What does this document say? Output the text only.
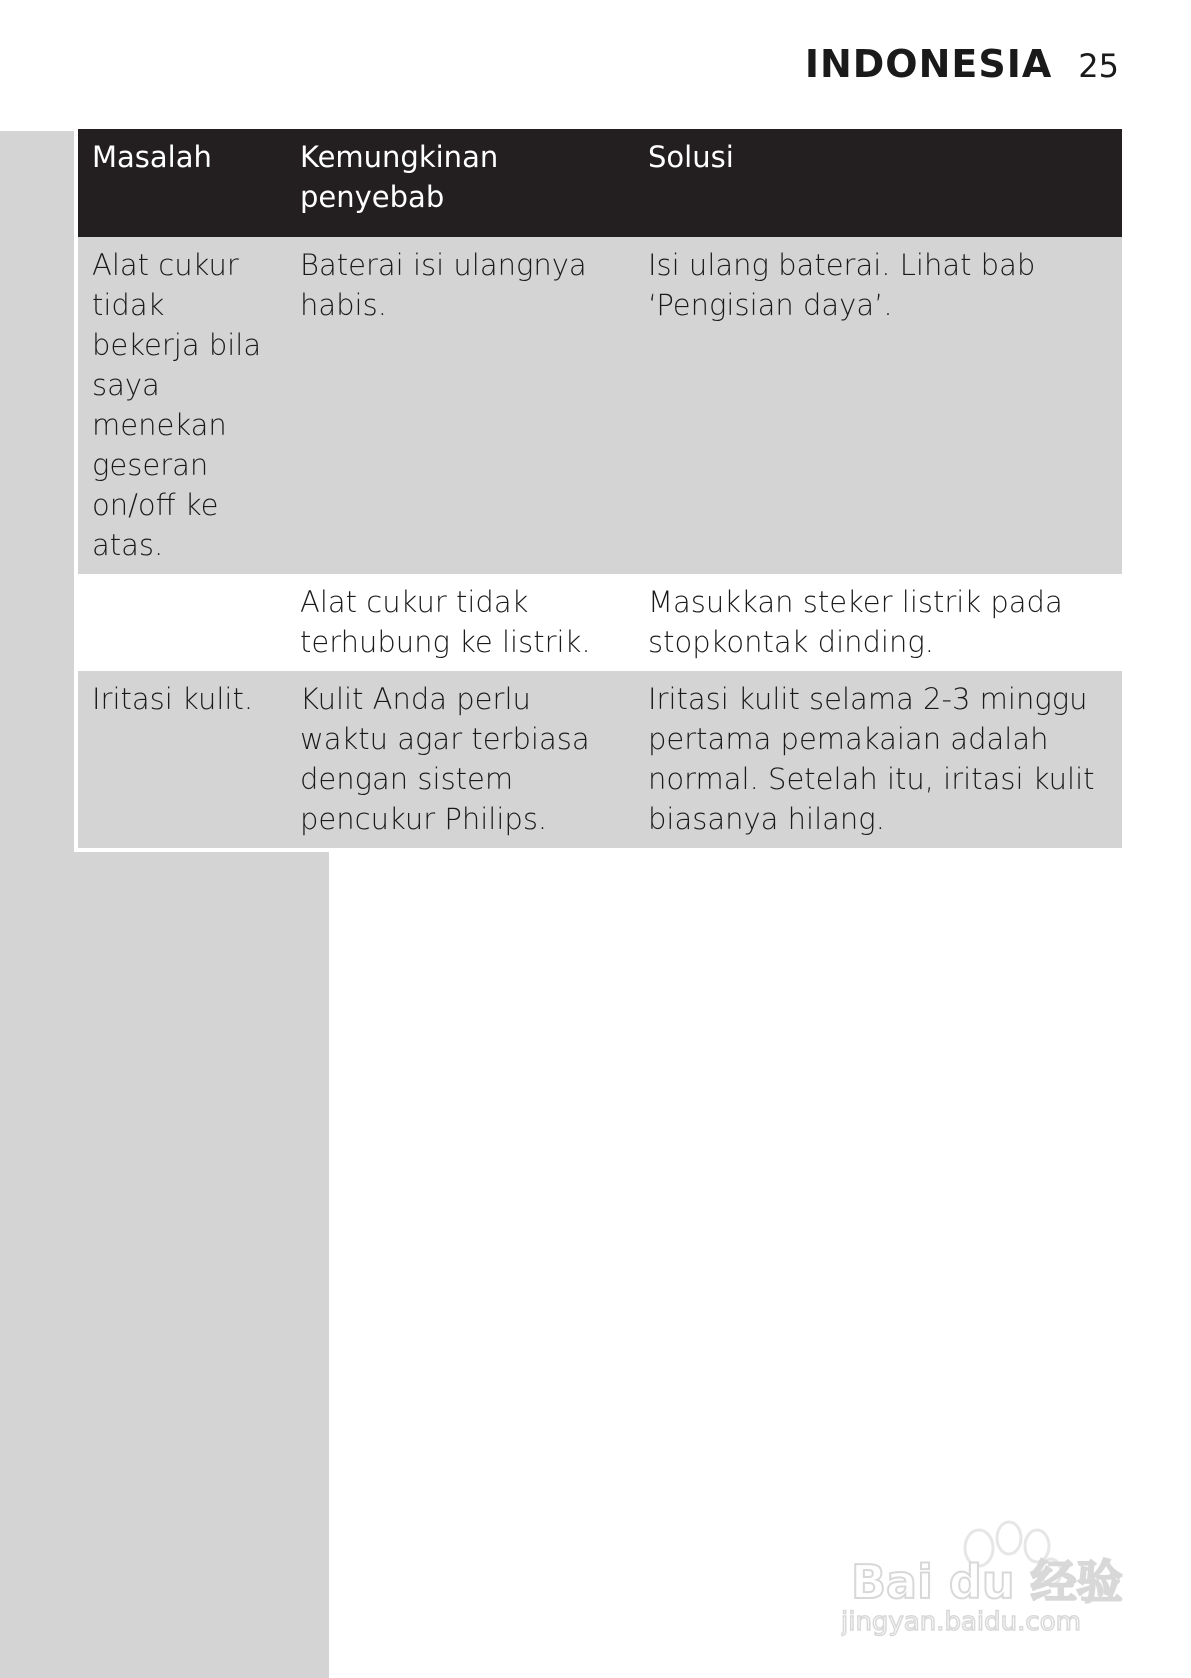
INDONESIA 25
Masalah	Kemungkinan penyebab	Solusi
Alat cukur tidak bekerja bila saya menekan geseran on/off ke atas.	Baterai isi ulangnya habis.	Isi ulang baterai. Lihat bab ‘Pengisian daya’.
	Alat cukur tidak terhubung ke listrik.	Masukkan steker listrik pada stopkontak dinding.
Iritasi kulit.	Kulit Anda perlu waktu agar terbiasa dengan sistem pencukur Philips.	Iritasi kulit selama 2-3 minggu pertama pemakaian adalah normal. Setelah itu, iritasi kulit biasanya hilang.
Bai du 经验
jingyan.baidu.com
